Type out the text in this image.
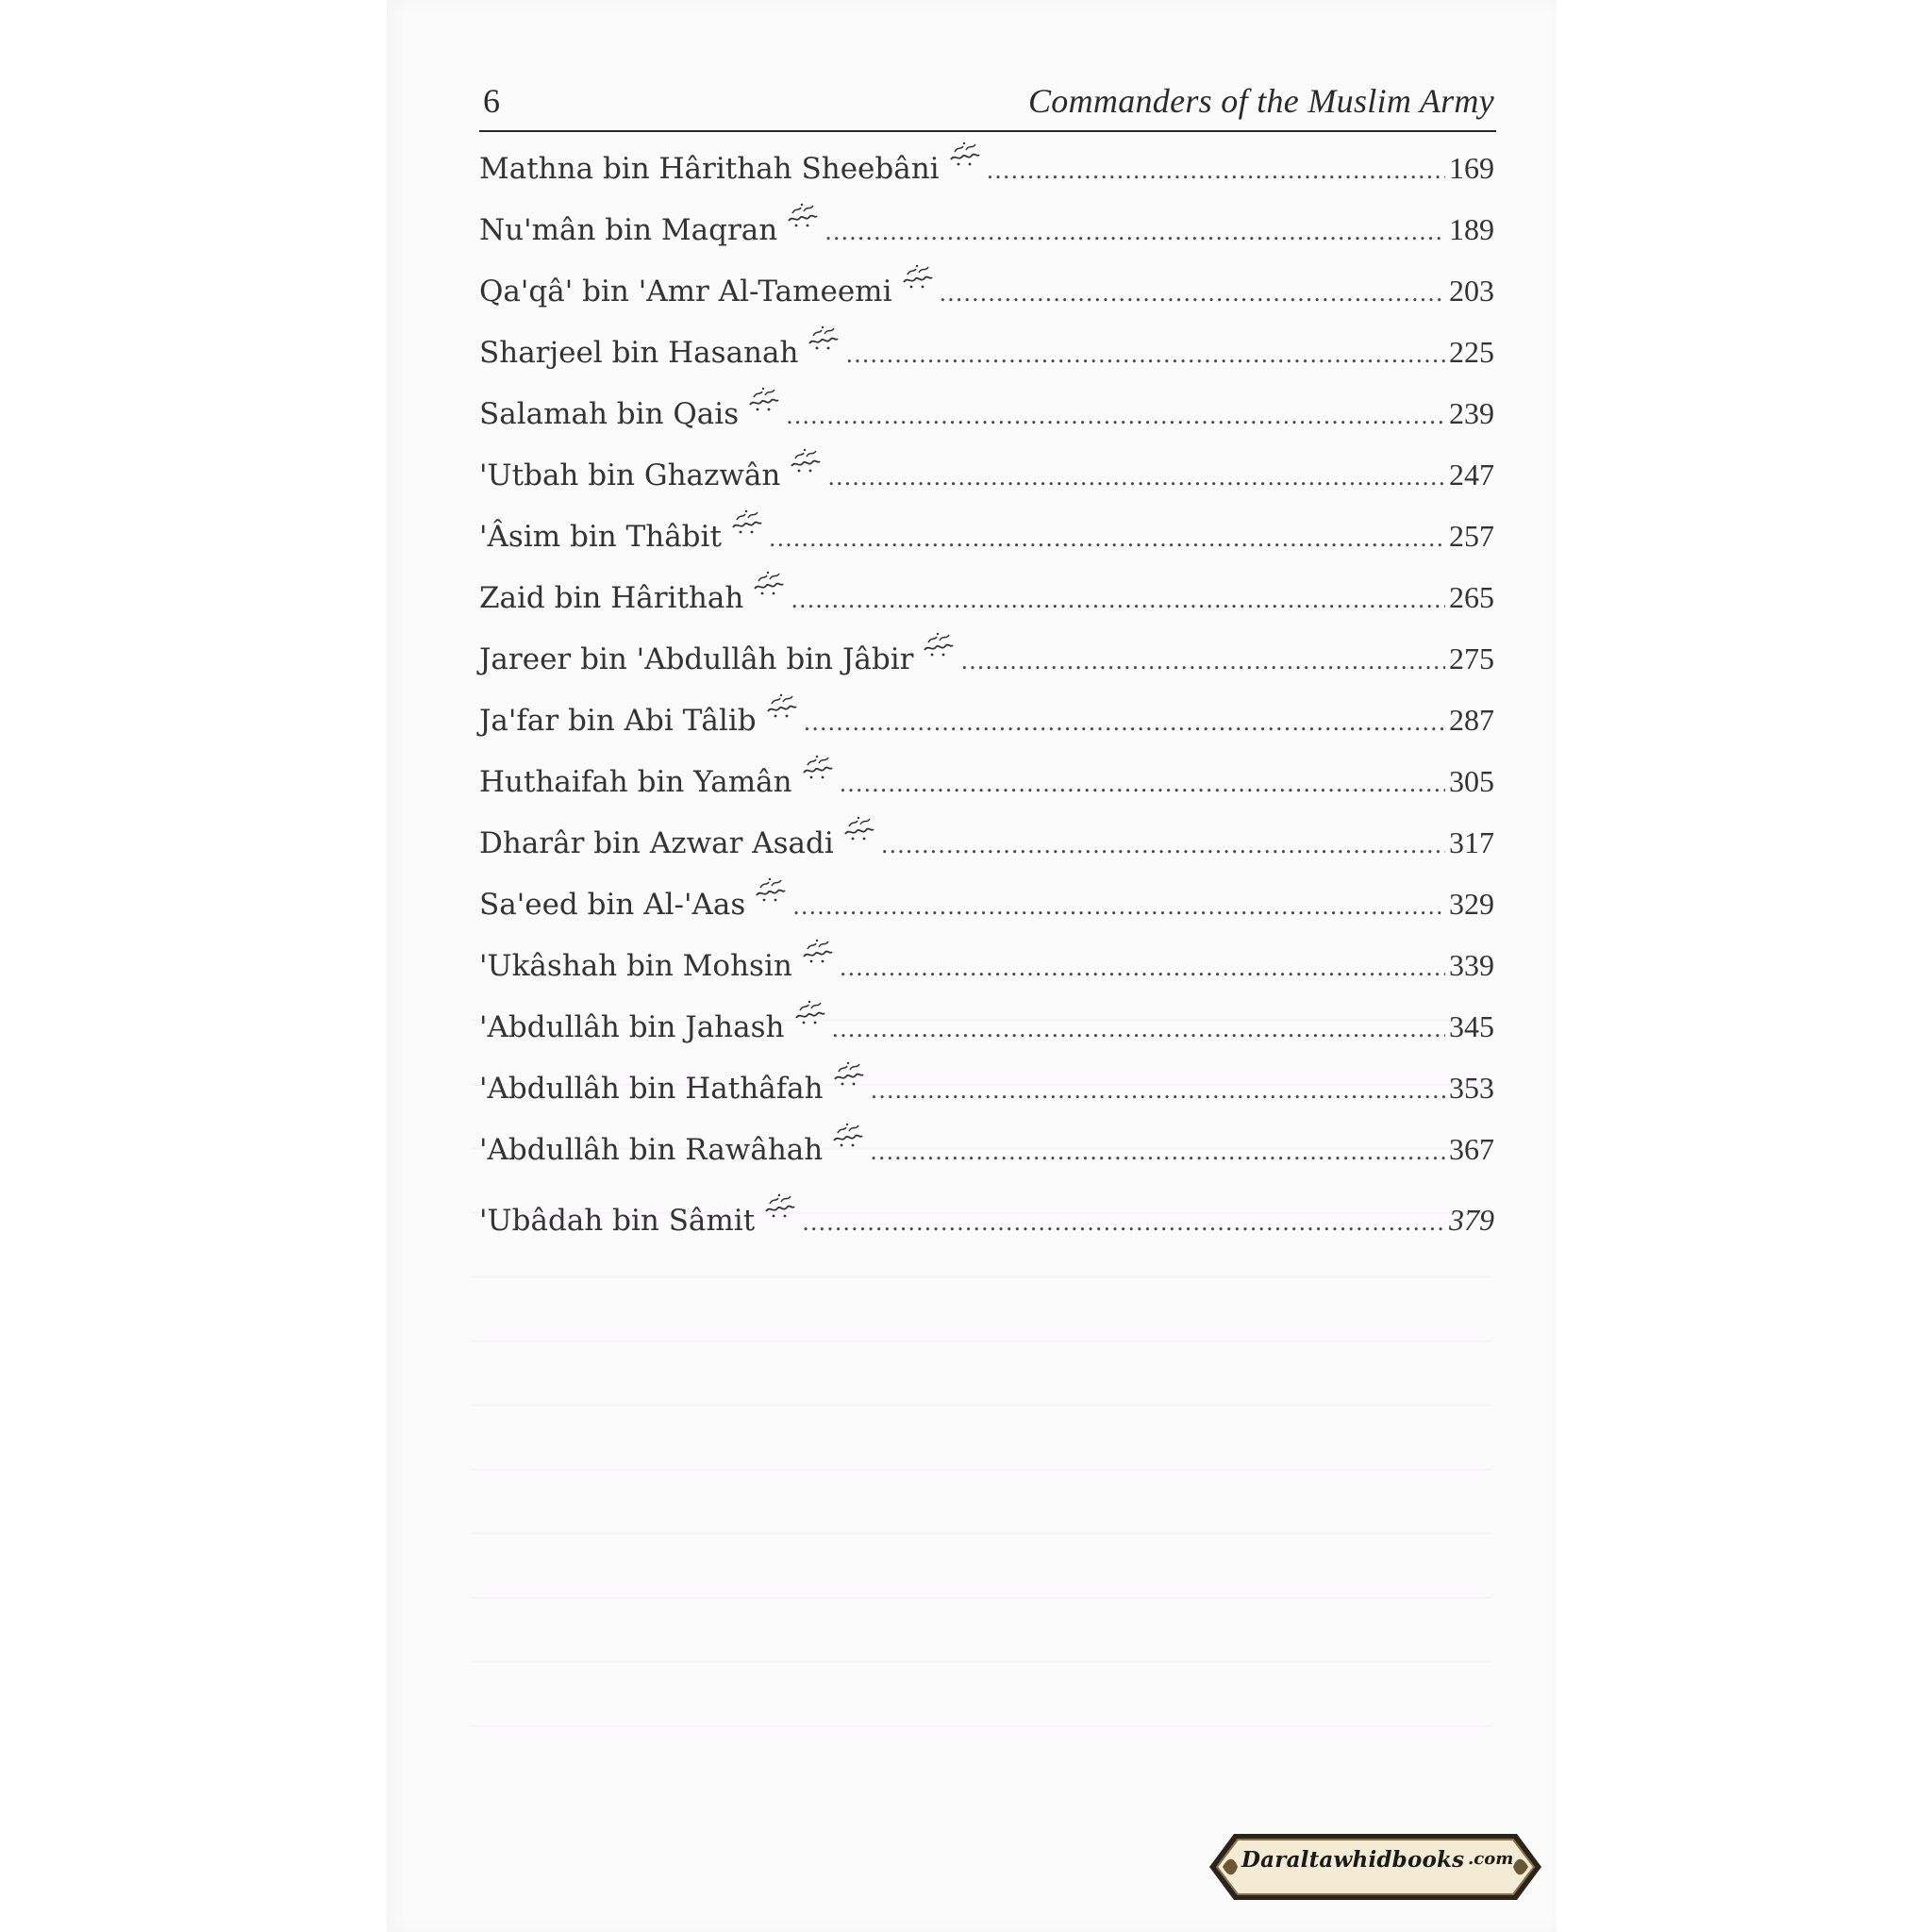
6	Commanders of the Muslim Army
Mathna bin Hârithah Sheebâni .....	169
Nu'mân bin Maqran .....	189
Qa'qâ' bin 'Amr Al-Tameemi .....	203
Sharjeel bin Hasanah .....	225
Salamah bin Qais .....	239
'Utbah bin Ghazwân .....	247
'Âsim bin Thâbit .....	257
Zaid bin Hârithah .....	265
Jareer bin 'Abdullâh bin Jâbir .....	275
Ja'far bin Abi Tâlib .....	287
Huthaifah bin Yamân .....	305
Dharâr bin Azwar Asadi .....	317
Sa'eed bin Al-'Aas .....	329
'Ukâshah bin Mohsin .....	339
'Abdullâh bin Jahash .....	345
'Abdullâh bin Hathâfah .....	353
'Abdullâh bin Rawâhah .....	367
'Ubâdah bin Sâmit .....	379
Daraltawhidbooks .com
